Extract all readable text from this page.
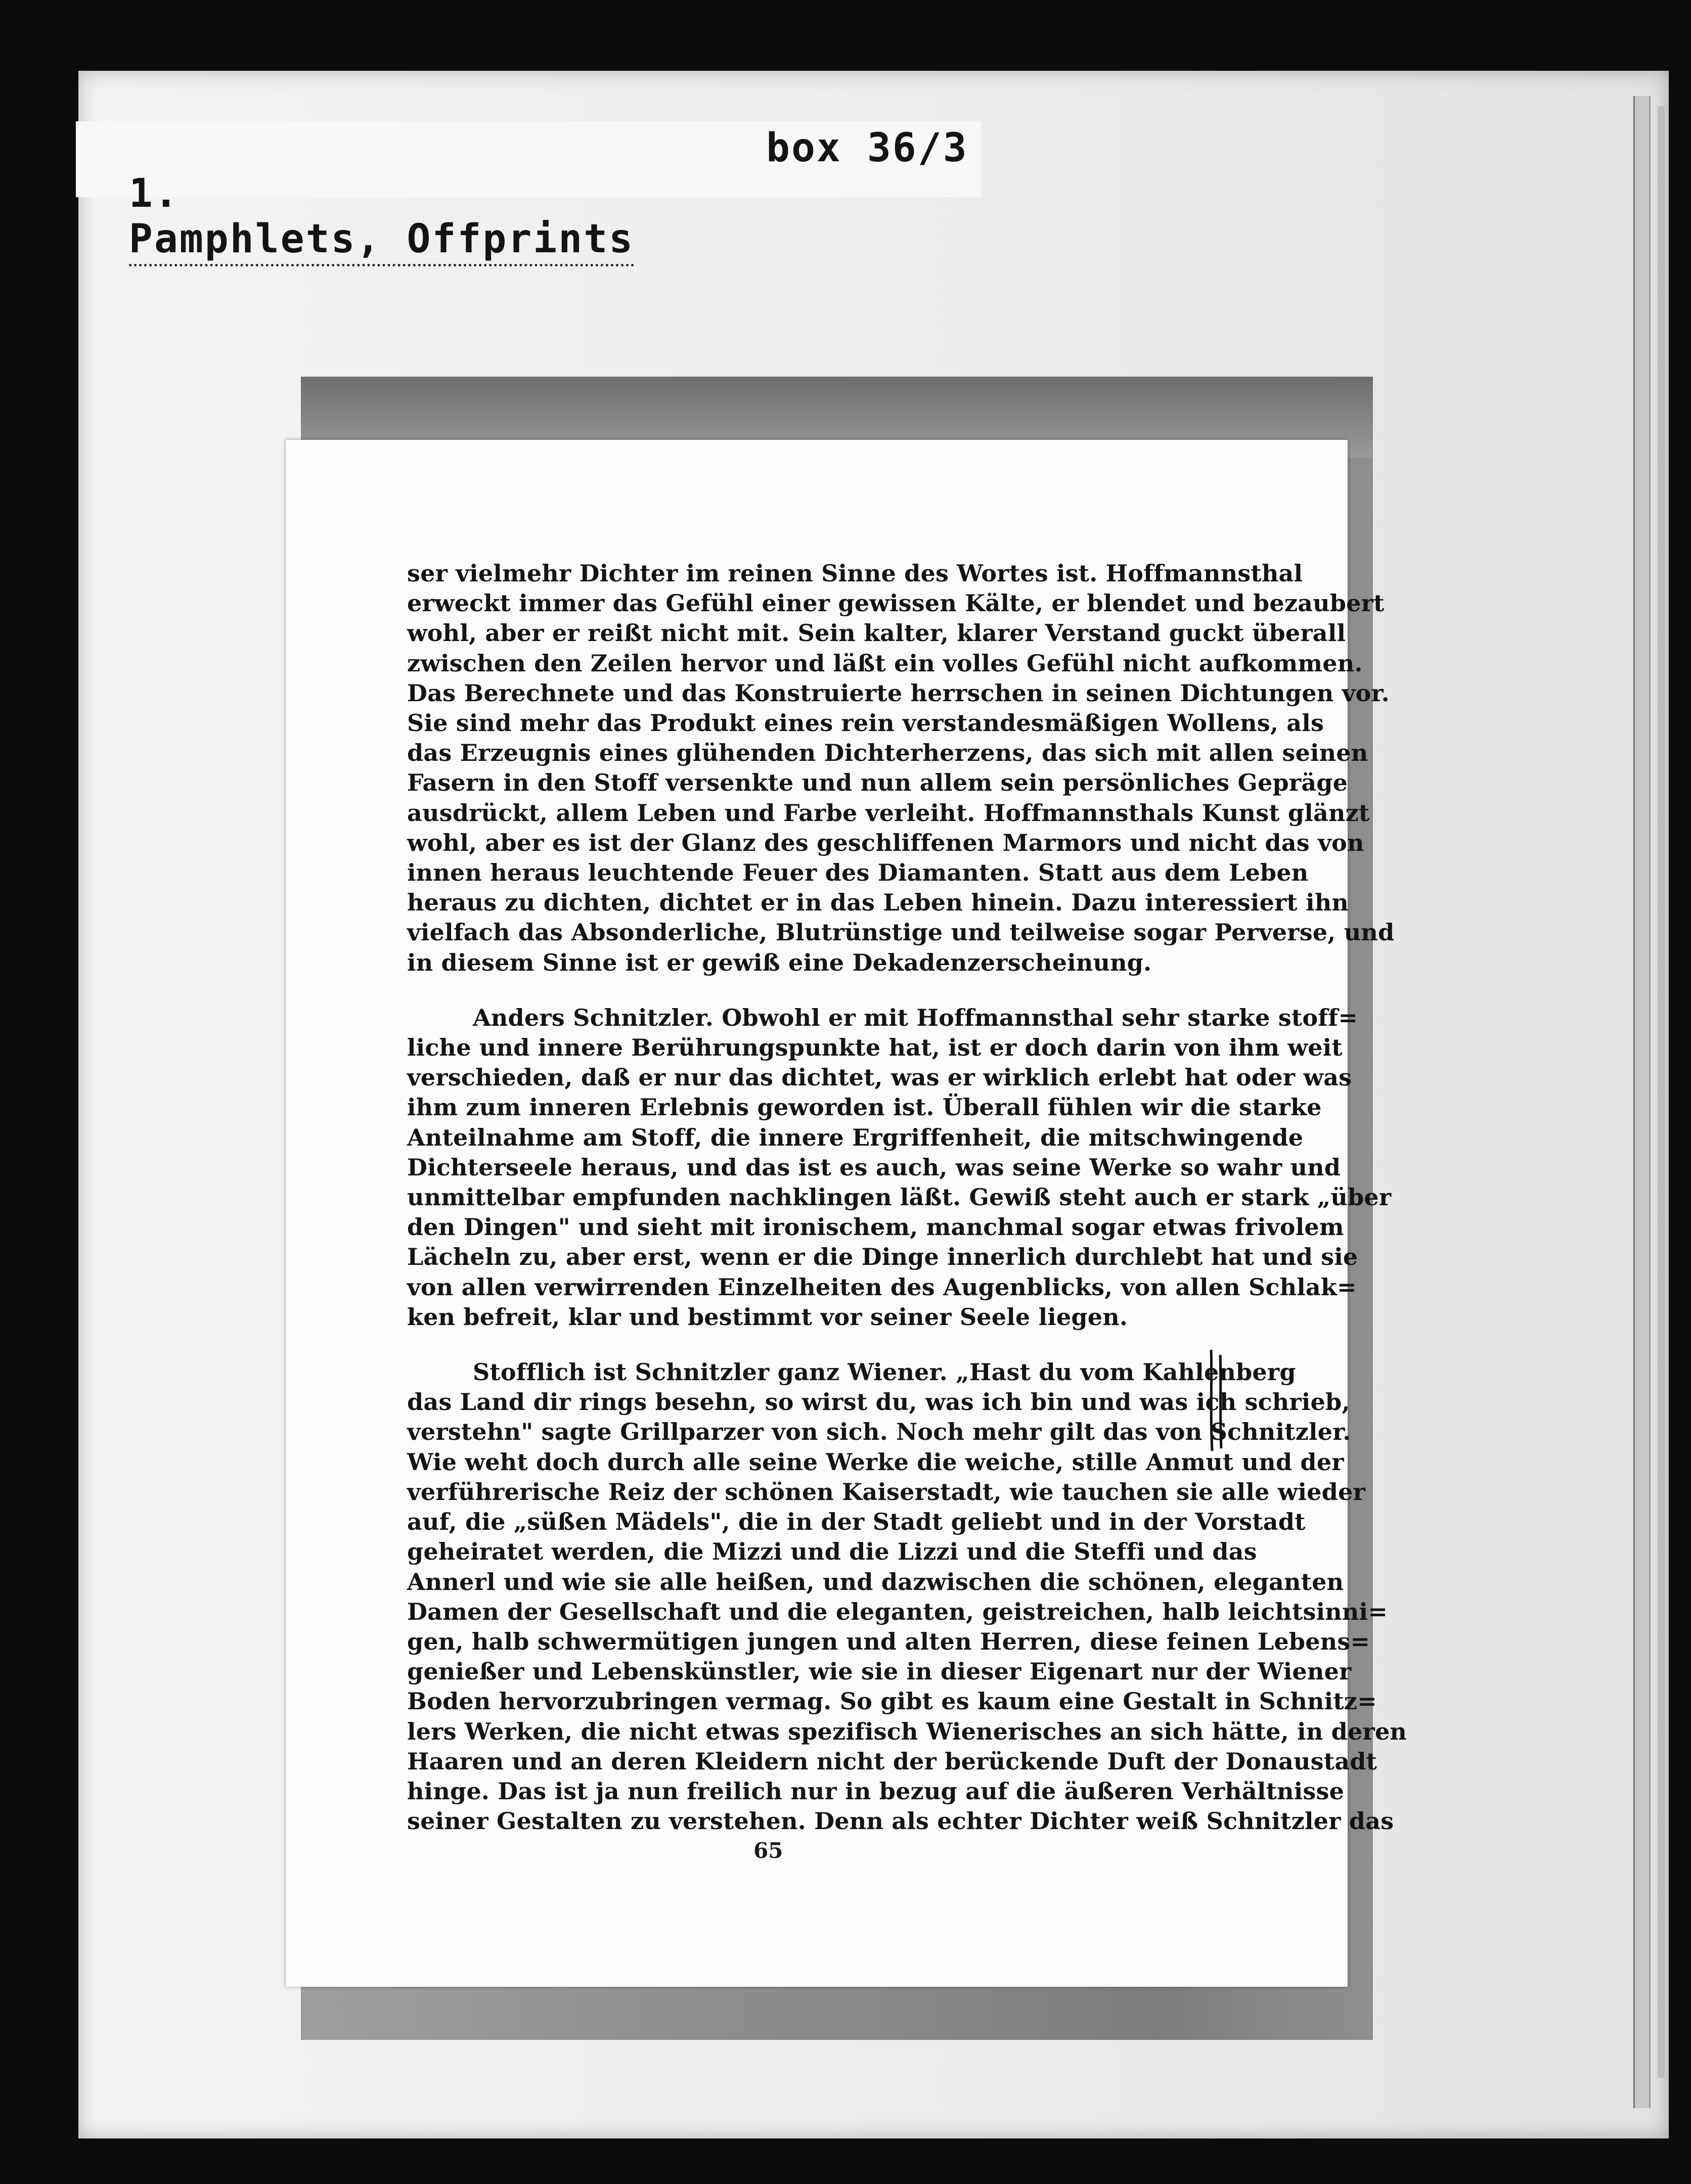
1.
Pamphlets, Offprints

box 36/3

ser vielmehr Dichter im reinen Sinne des Wortes ist. Hoffmannsthal
erweckt immer das Gefühl einer gewissen Kälte, er blendet und bezaubert
wohl, aber er reißt nicht mit. Sein kalter, klarer Verstand guckt überall
zwischen den Zeilen hervor und läßt ein volles Gefühl nicht aufkommen.
Das Berechnete und das Konstruierte herrschen in seinen Dichtungen vor.
Sie sind mehr das Produkt eines rein verstandesmäßigen Wollens, als
das Erzeugnis eines glühenden Dichterherzens, das sich mit allen seinen
Fasern in den Stoff versenkte und nun allem sein persönliches Gepräge
ausdrückt, allem Leben und Farbe verleiht. Hoffmannsthals Kunst glänzt
wohl, aber es ist der Glanz des geschliffenen Marmors und nicht das von
innen heraus leuchtende Feuer des Diamanten. Statt aus dem Leben
heraus zu dichten, dichtet er in das Leben hinein. Dazu interessiert ihn
vielfach das Absonderliche, Blutrünstige und teilweise sogar Perverse, und
in diesem Sinne ist er gewiß eine Dekadenzerscheinung.
Anders Schnitzler. Obwohl er mit Hoffmannsthal sehr starke stoff=
liche und innere Berührungspunkte hat, ist er doch darin von ihm weit
verschieden, daß er nur das dichtet, was er wirklich erlebt hat oder was
ihm zum inneren Erlebnis geworden ist. Überall fühlen wir die starke
Anteilnahme am Stoff, die innere Ergriffenheit, die mitschwingende
Dichterseele heraus, und das ist es auch, was seine Werke so wahr und
unmittelbar empfunden nachklingen läßt. Gewiß steht auch er stark „über
den Dingen" und sieht mit ironischem, manchmal sogar etwas frivolem
Lächeln zu, aber erst, wenn er die Dinge innerlich durchlebt hat und sie
von allen verwirrenden Einzelheiten des Augenblicks, von allen Schlak=
ken befreit, klar und bestimmt vor seiner Seele liegen.
Stofflich ist Schnitzler ganz Wiener. „Hast du vom Kahlenberg
das Land dir rings besehn, so wirst du, was ich bin und was ich schrieb,
verstehn" sagte Grillparzer von sich. Noch mehr gilt das von Schnitzler.
Wie weht doch durch alle seine Werke die weiche, stille Anmut und der
verführerische Reiz der schönen Kaiserstadt, wie tauchen sie alle wieder
auf, die „süßen Mädels", die in der Stadt geliebt und in der Vorstadt
geheiratet werden, die Mizzi und die Lizzi und die Steffi und das
Annerl und wie sie alle heißen, und dazwischen die schönen, eleganten
Damen der Gesellschaft und die eleganten, geistreichen, halb leichtsinni=
gen, halb schwermütigen jungen und alten Herren, diese feinen Lebens=
genießer und Lebenskünstler, wie sie in dieser Eigenart nur der Wiener
Boden hervorzubringen vermag. So gibt es kaum eine Gestalt in Schnitz=
lers Werken, die nicht etwas spezifisch Wienerisches an sich hätte, in deren
Haaren und an deren Kleidern nicht der berückende Duft der Donaustadt
hinge. Das ist ja nun freilich nur in bezug auf die äußeren Verhältnisse
seiner Gestalten zu verstehen. Denn als echter Dichter weiß Schnitzler das
65
